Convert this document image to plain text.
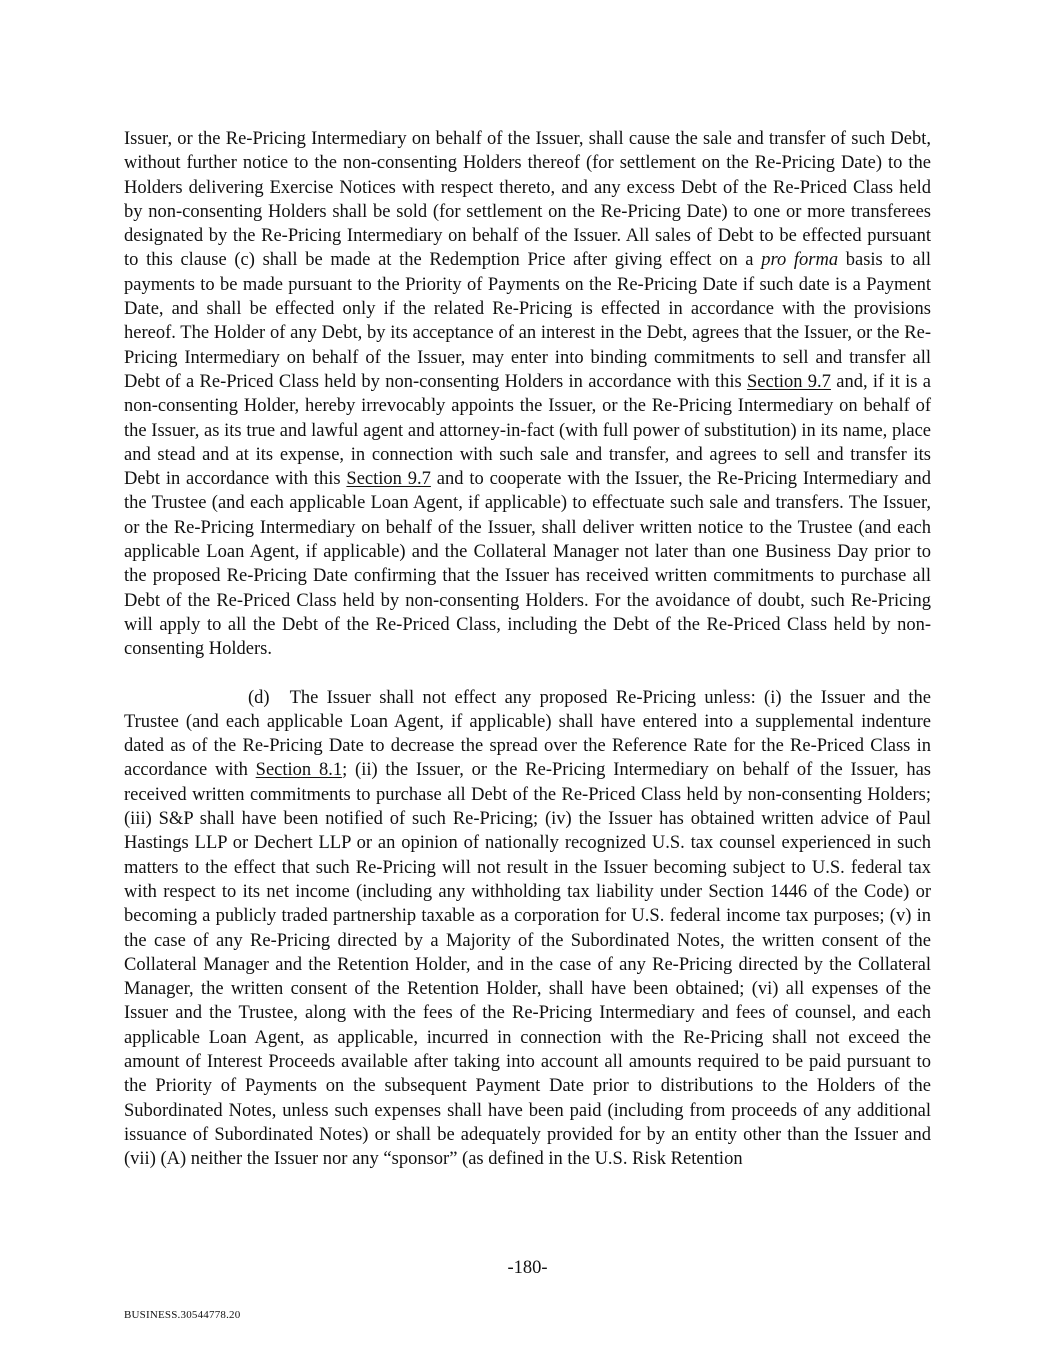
Issuer, or the Re-Pricing Intermediary on behalf of the Issuer, shall cause the sale and transfer of such Debt, without further notice to the non-consenting Holders thereof (for settlement on the Re-Pricing Date) to the Holders delivering Exercise Notices with respect thereto, and any excess Debt of the Re-Priced Class held by non-consenting Holders shall be sold (for settlement on the Re-Pricing Date) to one or more transferees designated by the Re-Pricing Intermediary on behalf of the Issuer. All sales of Debt to be effected pursuant to this clause (c) shall be made at the Redemption Price after giving effect on a pro forma basis to all payments to be made pursuant to the Priority of Payments on the Re-Pricing Date if such date is a Payment Date, and shall be effected only if the related Re-Pricing is effected in accordance with the provisions hereof. The Holder of any Debt, by its acceptance of an interest in the Debt, agrees that the Issuer, or the Re-Pricing Intermediary on behalf of the Issuer, may enter into binding commitments to sell and transfer all Debt of a Re-Priced Class held by non-consenting Holders in accordance with this Section 9.7 and, if it is a non-consenting Holder, hereby irrevocably appoints the Issuer, or the Re-Pricing Intermediary on behalf of the Issuer, as its true and lawful agent and attorney-in-fact (with full power of substitution) in its name, place and stead and at its expense, in connection with such sale and transfer, and agrees to sell and transfer its Debt in accordance with this Section 9.7 and to cooperate with the Issuer, the Re-Pricing Intermediary and the Trustee (and each applicable Loan Agent, if applicable) to effectuate such sale and transfers. The Issuer, or the Re-Pricing Intermediary on behalf of the Issuer, shall deliver written notice to the Trustee (and each applicable Loan Agent, if applicable) and the Collateral Manager not later than one Business Day prior to the proposed Re-Pricing Date confirming that the Issuer has received written commitments to purchase all Debt of the Re-Priced Class held by non-consenting Holders. For the avoidance of doubt, such Re-Pricing will apply to all the Debt of the Re-Priced Class, including the Debt of the Re-Priced Class held by non-consenting Holders.

(d) The Issuer shall not effect any proposed Re-Pricing unless: (i) the Issuer and the Trustee (and each applicable Loan Agent, if applicable) shall have entered into a supplemental indenture dated as of the Re-Pricing Date to decrease the spread over the Reference Rate for the Re-Priced Class in accordance with Section 8.1; (ii) the Issuer, or the Re-Pricing Intermediary on behalf of the Issuer, has received written commitments to purchase all Debt of the Re-Priced Class held by non-consenting Holders; (iii) S&P shall have been notified of such Re-Pricing; (iv) the Issuer has obtained written advice of Paul Hastings LLP or Dechert LLP or an opinion of nationally recognized U.S. tax counsel experienced in such matters to the effect that such Re-Pricing will not result in the Issuer becoming subject to U.S. federal tax with respect to its net income (including any withholding tax liability under Section 1446 of the Code) or becoming a publicly traded partnership taxable as a corporation for U.S. federal income tax purposes; (v) in the case of any Re-Pricing directed by a Majority of the Subordinated Notes, the written consent of the Collateral Manager and the Retention Holder, and in the case of any Re-Pricing directed by the Collateral Manager, the written consent of the Retention Holder, shall have been obtained; (vi) all expenses of the Issuer and the Trustee, along with the fees of the Re-Pricing Intermediary and fees of counsel, and each applicable Loan Agent, as applicable, incurred in connection with the Re-Pricing shall not exceed the amount of Interest Proceeds available after taking into account all amounts required to be paid pursuant to the Priority of Payments on the subsequent Payment Date prior to distributions to the Holders of the Subordinated Notes, unless such expenses shall have been paid (including from proceeds of any additional issuance of Subordinated Notes) or shall be adequately provided for by an entity other than the Issuer and (vii) (A) neither the Issuer nor any “sponsor” (as defined in the U.S. Risk Retention

-180-
BUSINESS.30544778.20
